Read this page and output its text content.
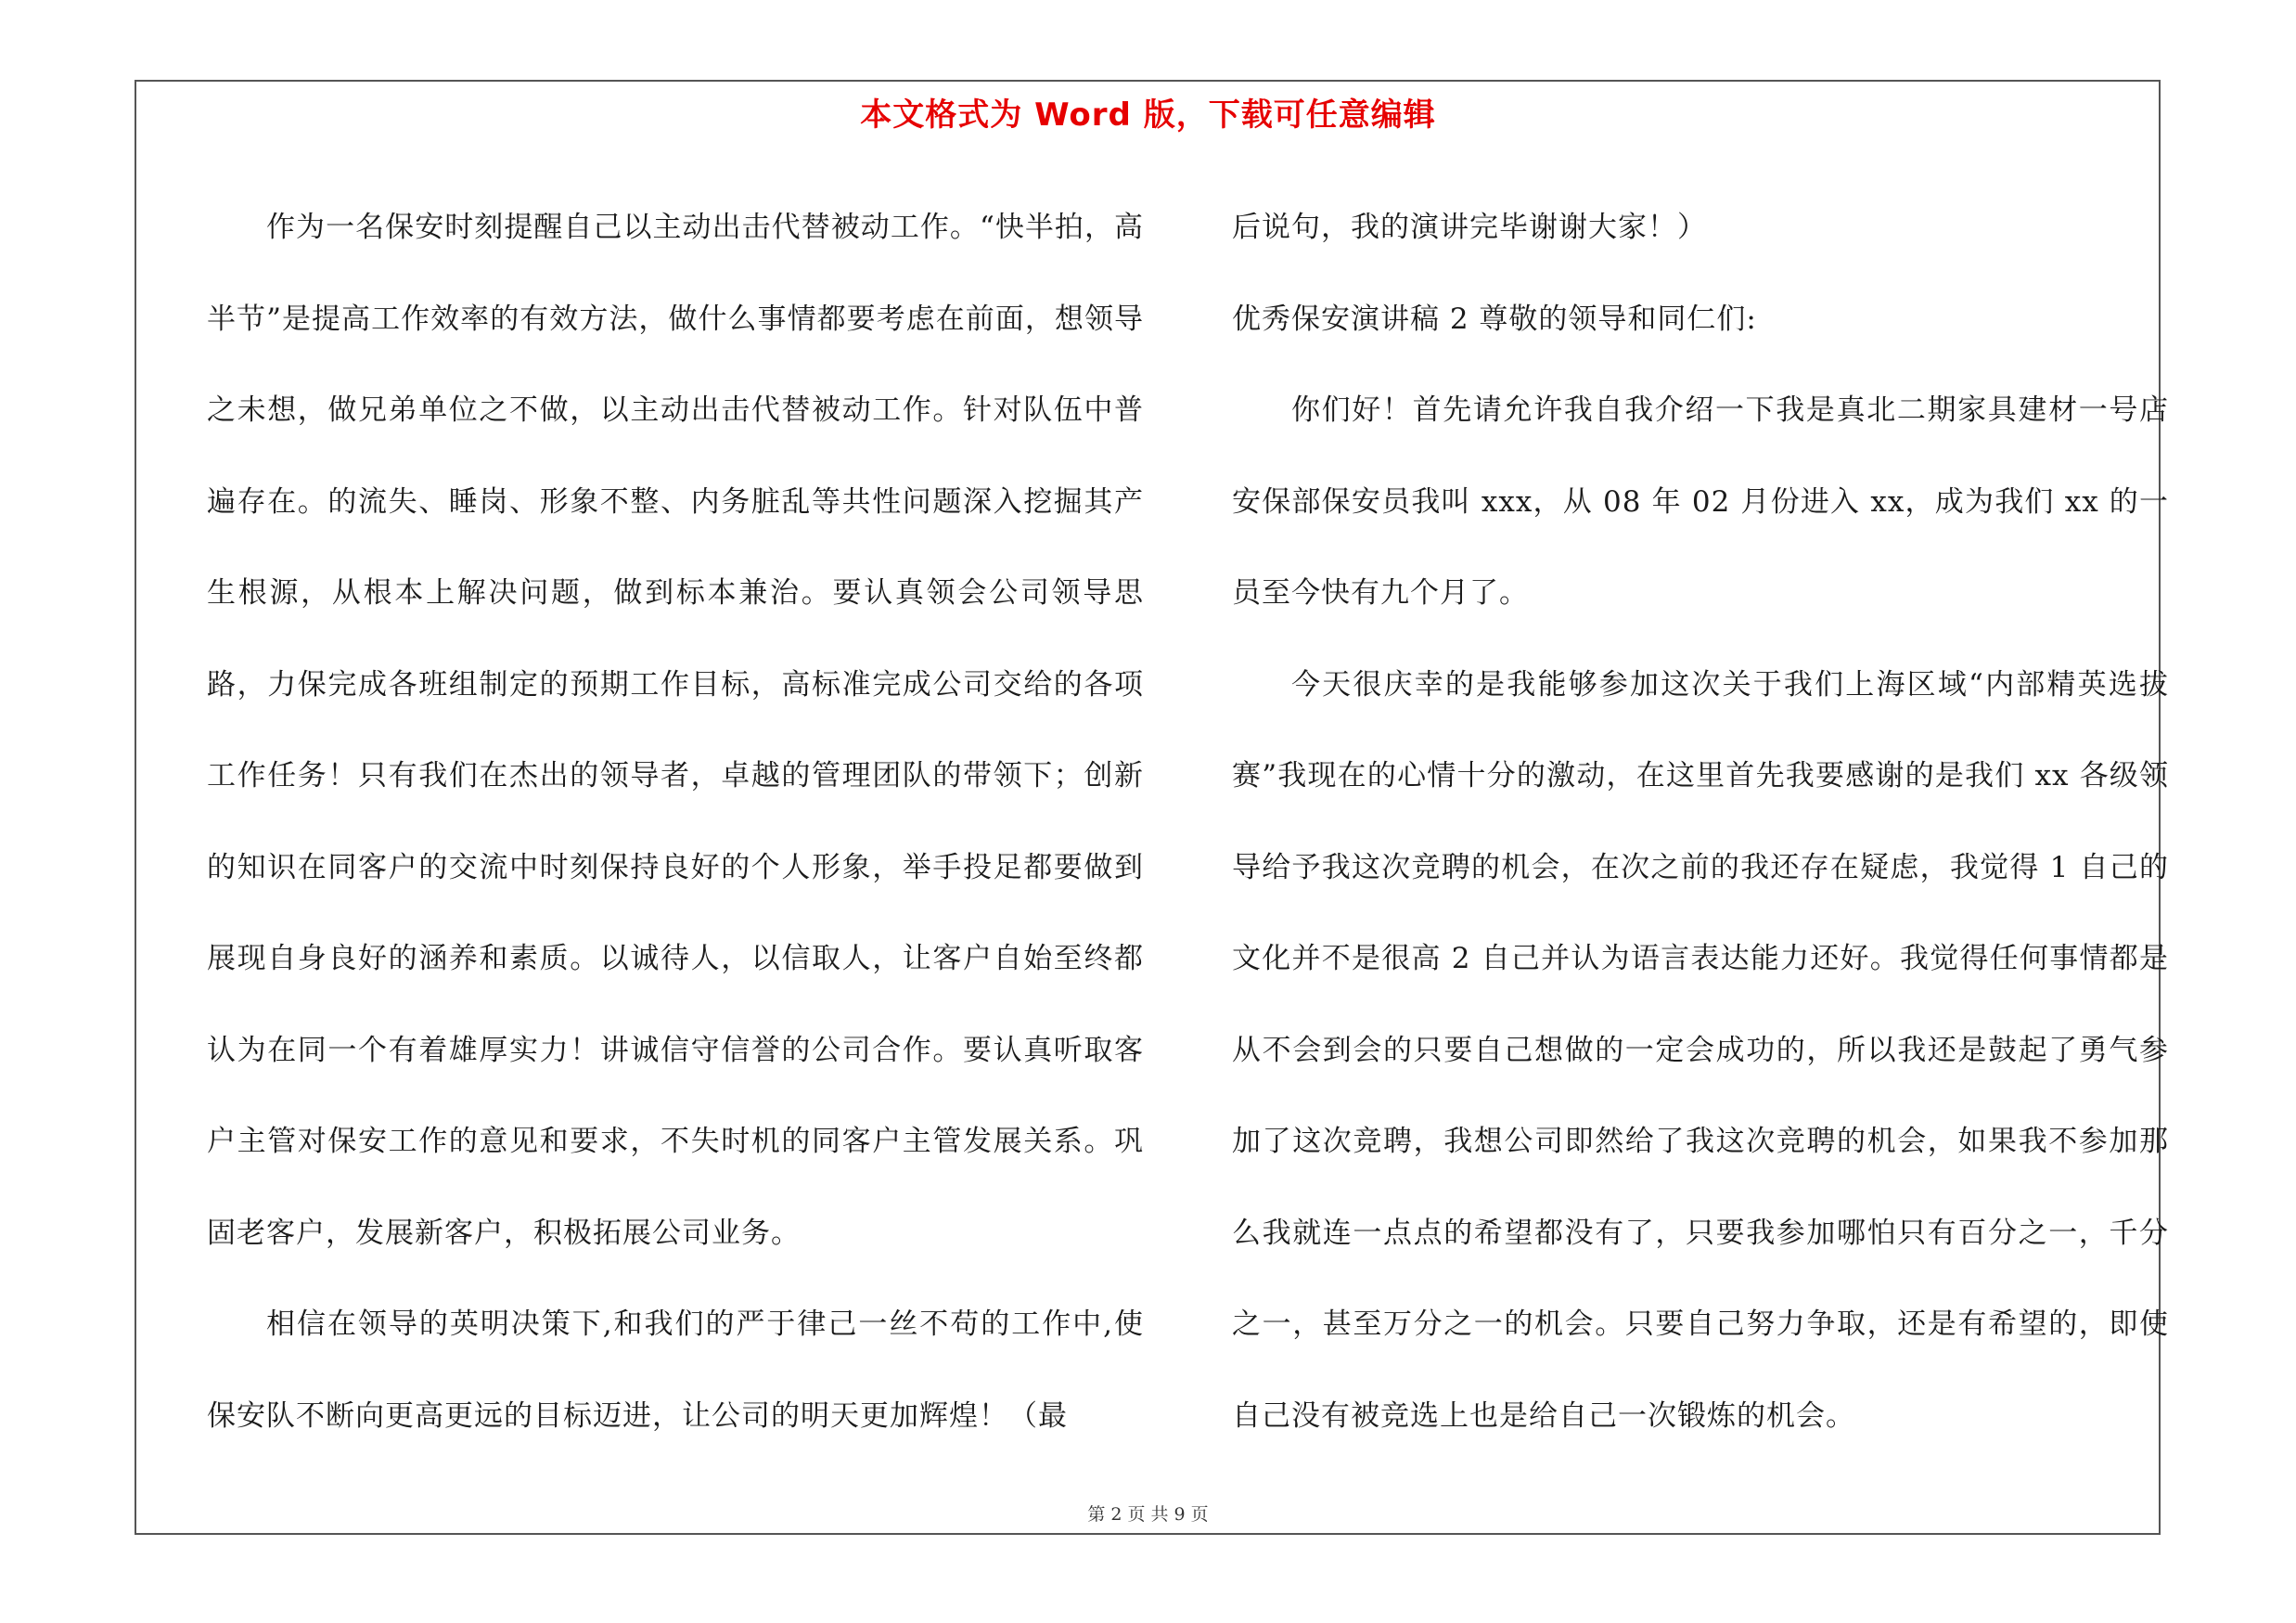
本文格式为 Word 版，下载可任意编辑

作为一名保安时刻提醒自己以主动出击代替被动工作。“快半拍，高半节”是提高工作效率的有效方法，做什么事情都要考虑在前面，想领导之未想，做兄弟单位之不做，以主动出击代替被动工作。针对队伍中普遍存在。的流失、睡岗、形象不整、内务脏乱等共性问题深入挖掘其产生根源，从根本上解决问题，做到标本兼治。要认真领会公司领导思路，力保完成各班组制定的预期工作目标，高标准完成公司交给的各项工作任务！只有我们在杰出的领导者，卓越的管理团队的带领下；创新的知识在同客户的交流中时刻保持良好的个人形象，举手投足都要做到展现自身良好的涵养和素质。以诚待人，以信取人，让客户自始至终都认为在同一个有着雄厚实力！讲诚信守信誉的公司合作。要认真听取客户主管对保安工作的意见和要求，不失时机的同客户主管发展关系。巩固老客户，发展新客户，积极拓展公司业务。

相信在领导的英明决策下,和我们的严于律己一丝不苟的工作中,使保安队不断向更高更远的目标迈进，让公司的明天更加辉煌！（最

后说句，我的演讲完毕谢谢大家！）

优秀保安演讲稿 2 尊敬的领导和同仁们:

你们好！首先请允许我自我介绍一下我是真北二期家具建材一号店安保部保安员我叫 xxx，从 08 年 02 月份进入 xx，成为我们 xx 的一员至今快有九个月了。

今天很庆幸的是我能够参加这次关于我们上海区域“内部精英选拔赛”我现在的心情十分的激动，在这里首先我要感谢的是我们 xx 各级领导给予我这次竞聘的机会，在次之前的我还存在疑虑，我觉得 1 自己的文化并不是很高 2 自己并认为语言表达能力还好。我觉得任何事情都是从不会到会的只要自己想做的一定会成功的，所以我还是鼓起了勇气参加了这次竞聘，我想公司即然给了我这次竞聘的机会，如果我不参加那么我就连一点点的希望都没有了，只要我参加哪怕只有百分之一，千分之一，甚至万分之一的机会。只要自己努力争取，还是有希望的，即使自己没有被竞选上也是给自己一次锻炼的机会。

第 2 页 共 9 页
